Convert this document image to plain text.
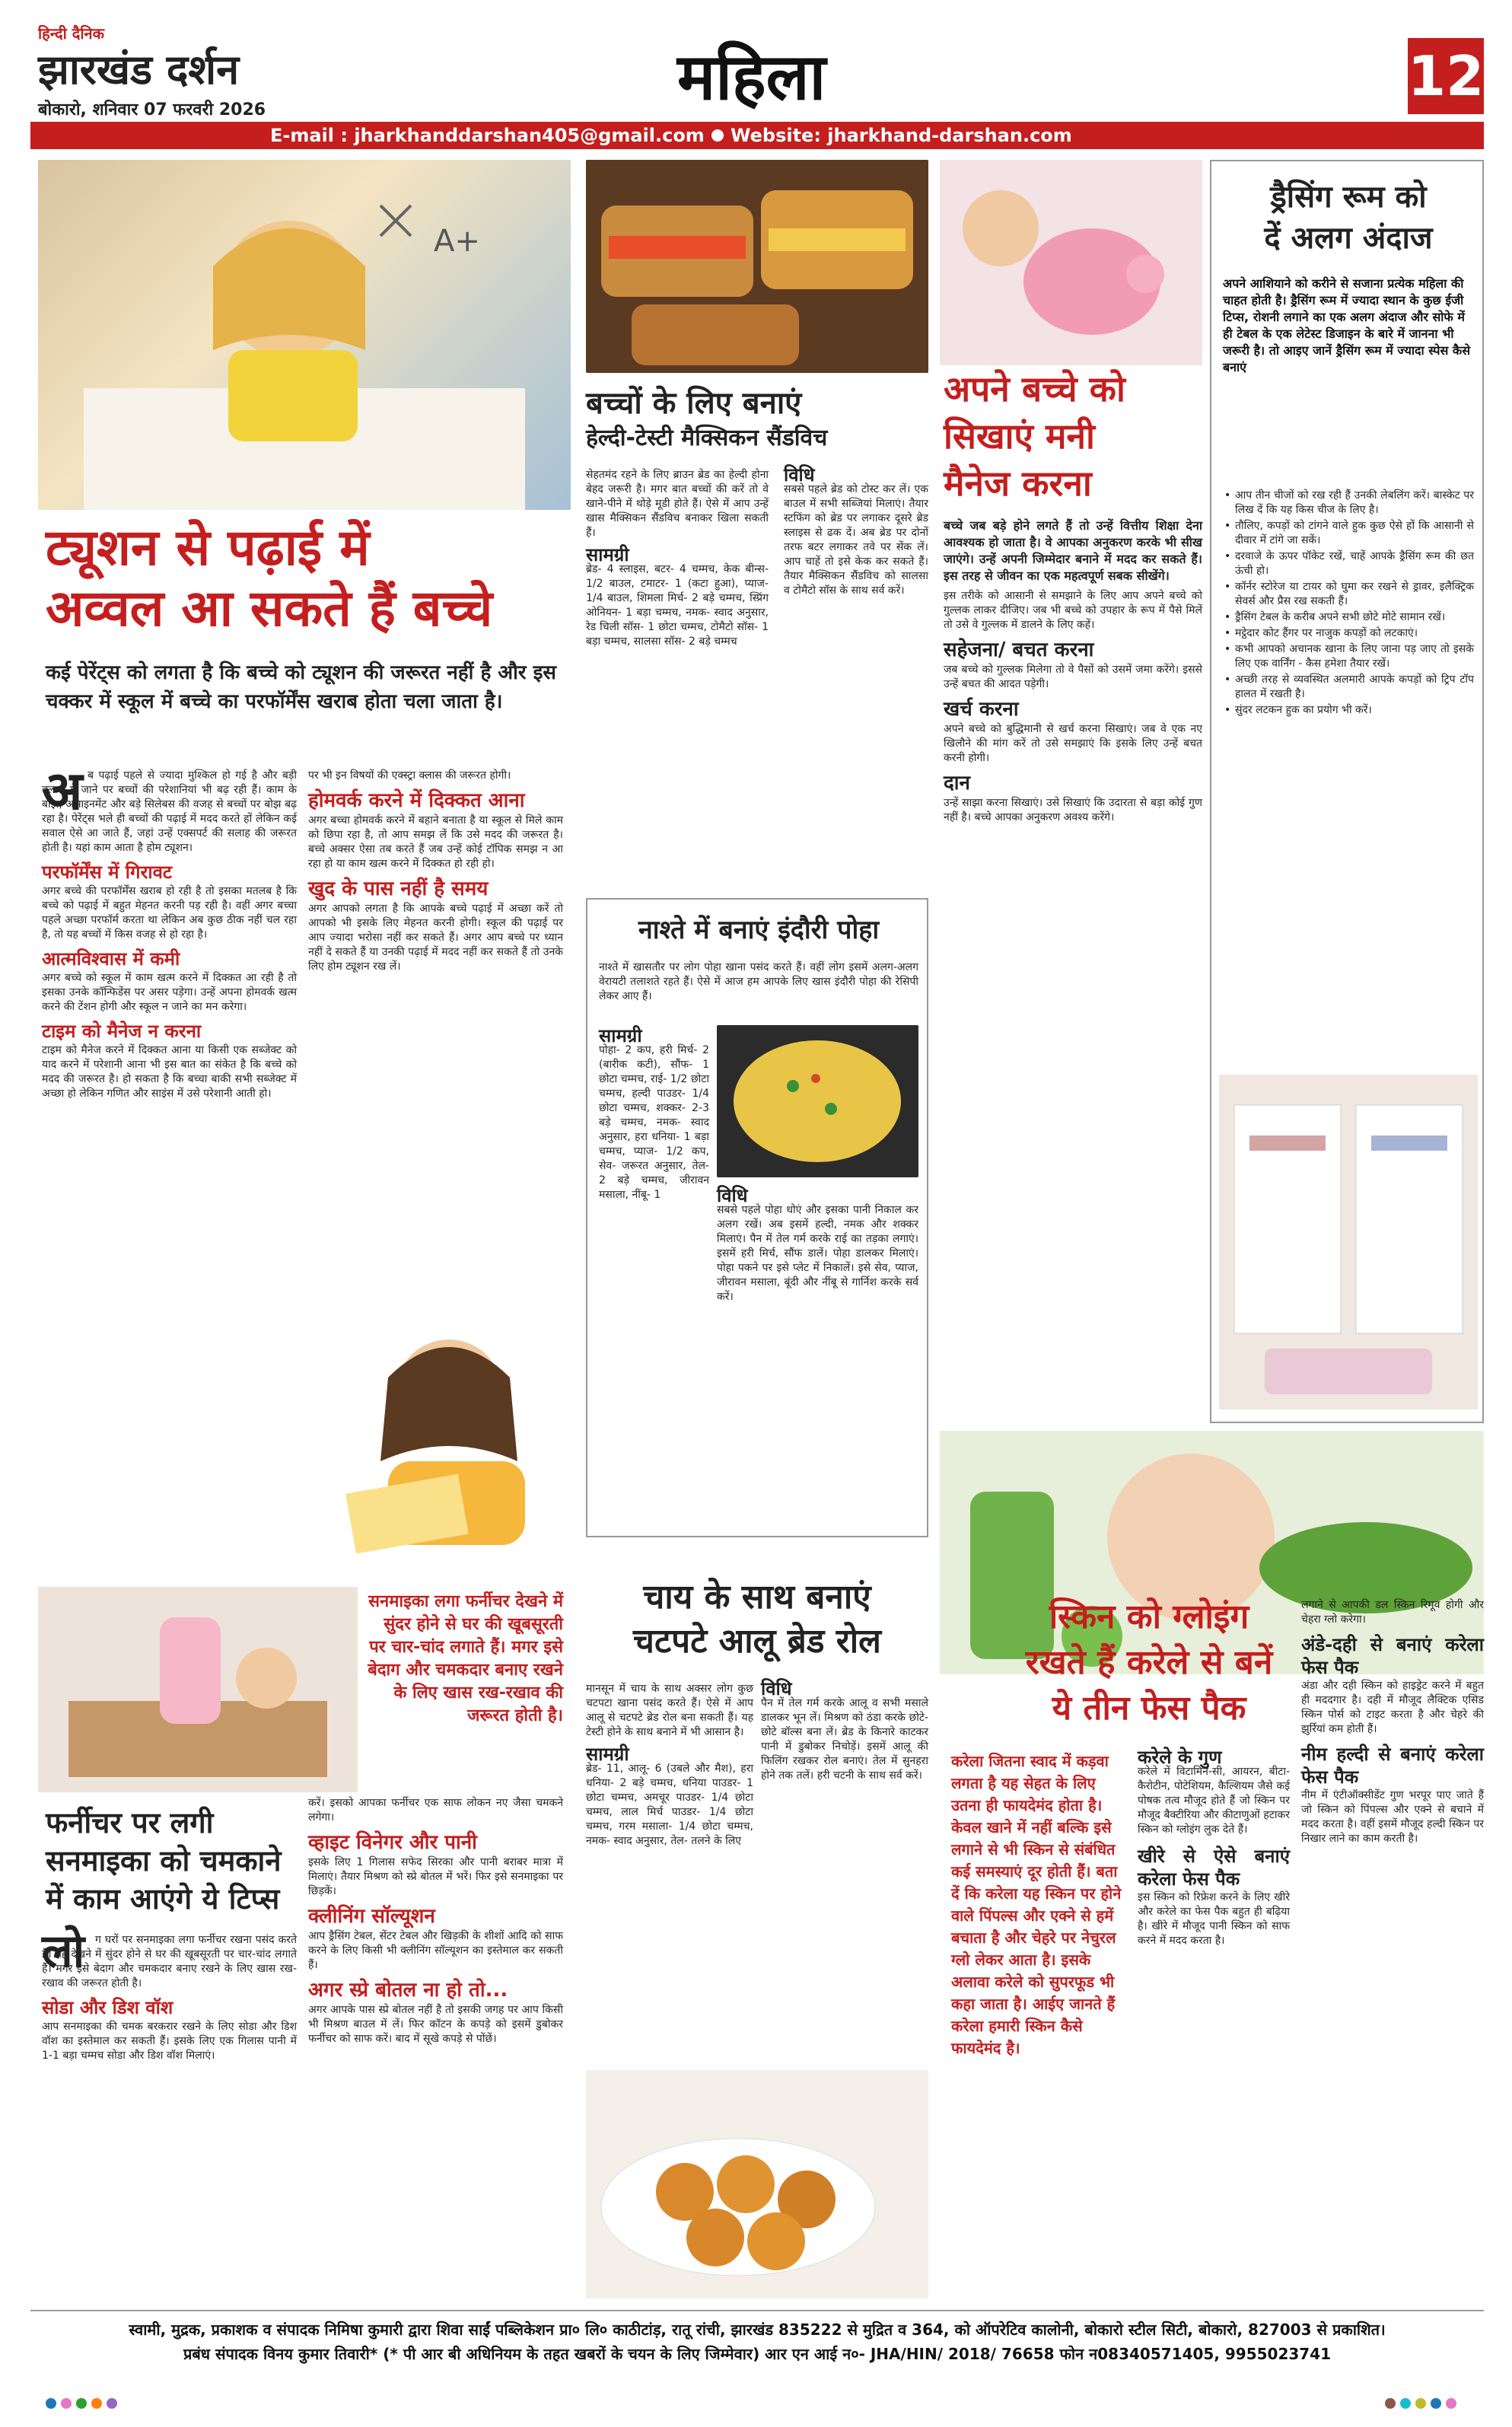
हिन्दी दैनिक
झारखंड दर्शन
बोकारो, शनिवार 07 फरवरी 2026	महिला	12
E-mail : jharkhanddarshan405@gmail.com Website: jharkhand-darshan.com
A+
ट्यूशन से पढ़ाई में
अव्वल आ सकते हैं बच्चे
कई पेरेंट्स को लगता है कि बच्चे को ट्यूशन की जरूरत नहीं है और इस चक्कर में स्कूल में बच्चे का परफॉर्मेंस खराब होता चला जाता है।
अ ब पढ़ाई पहले से ज्यादा मुश्किल हो गई है और बड़ी क्लास में जाने पर बच्चों की परेशानियां भी बढ़ रही हैं। काम के बोझ, असाइनमेंट और बड़े सिलेबस की वजह से बच्चों पर बोझ बढ़ रहा है। पेरेंट्स भले ही बच्चों की पढ़ाई में मदद करते हों लेकिन कई सवाल ऐसे आ जाते हैं, जहां उन्हें एक्सपर्ट की सलाह की जरूरत होती है। यहां काम आता है होम ट्यूशन।

परफॉर्मेंस में गिरावट

अगर बच्चे की परफॉर्मेंस खराब हो रही है तो इसका मतलब है कि बच्चे को पढ़ाई में बहुत मेहनत करनी पड़ रही है। वहीं अगर बच्चा पहले अच्छा परफॉर्म करता था लेकिन अब कुछ ठीक नहीं चल रहा है, तो यह बच्चों में किस वजह से हो रहा है।

आत्मविश्वास में कमी

अगर बच्चे को स्कूल में काम खत्म करने में दिक्कत आ रही है तो इसका उनके कॉन्फिडेंस पर असर पड़ेगा। उन्हें अपना होमवर्क खत्म करने की टेंशन होगी और स्कूल न जाने का मन करेगा।

टाइम को मैनेज न करना

टाइम को मैनेज करने में दिक्कत आना या किसी एक सब्जेक्ट को याद करने में परेशानी आना भी इस बात का संकेत है कि बच्चे को मदद की जरूरत है। हो सकता है कि बच्चा बाकी सभी सब्जेक्ट में अच्छा हो लेकिन गणित और साइंस में उसे परेशानी आती हो।

पर भी इन विषयों की एक्स्ट्रा क्लास की जरूरत होगी।

होमवर्क करने में दिक्कत आना

अगर बच्चा होमवर्क करने में बहाने बनाता है या स्कूल से मिले काम को छिपा रहा है, तो आप समझ लें कि उसे मदद की जरूरत है। बच्चे अक्सर ऐसा तब करते हैं जब उन्हें कोई टॉपिक समझ न आ रहा हो या काम खत्म करने में दिक्कत हो रही हो।

खुद के पास नहीं है समय

अगर आपको लगता है कि आपके बच्चे पढ़ाई में अच्छा करें तो आपको भी इसके लिए मेहनत करनी होगी। स्कूल की पढ़ाई पर आप ज्यादा भरोसा नहीं कर सकते हैं। अगर आप बच्चे पर ध्यान नहीं दे सकते हैं या उनकी पढ़ाई में मदद नहीं कर सकते हैं तो उनके लिए होम ट्यूशन रख लें।

बच्चों के लिए बनाएं
हेल्दी-टेस्टी मैक्सिकन सैंडविच

सेहतमंद रहने के लिए ब्राउन ब्रेड का हेल्दी होना बेहद जरूरी है। मगर बात बच्चों की करें तो वे खाने-पीने में थोड़े मूडी होते हैं। ऐसे में आप उन्हें खास मैक्सिकन सैंडविच बनाकर खिला सकती हैं।

सामग्री

ब्रेड- 4 स्लाइस, बटर- 4 चम्मच, केक बीन्स- 1/2 बाउल, टमाटर- 1 (कटा हुआ), प्याज- 1/4 बाउल, शिमला मिर्च- 2 बड़े चम्मच, स्प्रिंग ओनियन- 1 बड़ा चम्मच, नमक- स्वाद अनुसार, रेड चिली सॉस- 1 छोटा चम्मच, टोमैटो सॉस- 1 बड़ा चम्मच, सालसा सॉस- 2 बड़े चम्मच

विधि

सबसे पहले ब्रेड को टोस्ट कर लें। एक बाउल में सभी सब्जियां मिलाएं। तैयार स्टफिंग को ब्रेड पर लगाकर दूसरे ब्रेड स्लाइस से ढक दें। अब ब्रेड पर दोनों तरफ बटर लगाकर तवे पर सेंक लें। आप चाहें तो इसे केक कर सकते हैं। तैयार मैक्सिकन सैंडविच को सालसा व टोमैटो सॉस के साथ सर्व करें।

नाश्ते में बनाएं इंदौरी पोहा
नाश्ते में खासतौर पर लोग पोहा खाना पसंद करते हैं। वहीं लोग इसमें अलग-अलग वेरायटी तलाशते रहते हैं। ऐसे में आज हम आपके लिए खास इंदौरी पोहा की रेसिपी लेकर आए हैं।

सामग्री

पोहा- 2 कप, हरी मिर्च- 2 (बारीक कटी), सौंफ- 1 छोटा चम्मच, राई- 1/2 छोटा चम्मच, हल्दी पाउडर- 1/4 छोटा चम्मच, शक्कर- 2-3 बड़े चम्मच, नमक- स्वाद अनुसार, हरा धनिया- 1 बड़ा चम्मच, प्याज- 1/2 कप, सेव- जरूरत अनुसार, तेल- 2 बड़े चम्मच, जीरावन मसाला, नींबू- 1	विधि

सबसे पहले पोहा धोएं और इसका पानी निकाल कर अलग रखें। अब इसमें हल्दी, नमक और शक्कर मिलाएं। पैन में तेल गर्म करके राई का तड़का लगाएं। इसमें हरी मिर्च, सौंफ डालें। पोहा डालकर मिलाएं। पोहा पकने पर इसे प्लेट में निकालें। इसे सेव, प्याज, जीरावन मसाला, बूंदी और नींबू से गार्निश करके सर्व करें।

अपने बच्चे को
सिखाएं मनी
मैनेज करना

बच्चे जब बड़े होने लगते हैं तो उन्हें वित्तीय शिक्षा देना आवश्यक हो जाता है। वे आपका अनुकरण करके भी सीख जाएंगे। उन्हें अपनी जिम्मेदार बनाने में मदद कर सकते हैं। इस तरह से जीवन का एक महत्वपूर्ण सबक सीखेंगे।

इस तरीके को आसानी से समझाने के लिए आप अपने बच्चे को गुल्लक लाकर दीजिए। जब भी बच्चे को उपहार के रूप में पैसे मिलें तो उसे वे गुल्लक में डालने के लिए कहें।

सहेजना/ बचत करना

जब बच्चे को गुल्लक मिलेगा तो वे पैसों को उसमें जमा करेंगे। इससे उन्हें बचत की आदत पड़ेगी।

खर्च करना

अपने बच्चे को बुद्धिमानी से खर्च करना सिखाएं। जब वे एक नए खिलौने की मांग करें तो उसे समझाएं कि इसके लिए उन्हें बचत करनी होगी।

दान

उन्हें साझा करना सिखाएं। उसे सिखाएं कि उदारता से बड़ा कोई गुण नहीं है। बच्चे आपका अनुकरण अवश्य करेंगे।

ड्रैसिंग रूम को
दें अलग अंदाज
अपने आशियाने को करीने से सजाना प्रत्येक महिला की चाहत होती है। ड्रैसिंग रूम में ज्यादा स्थान के कुछ ईजी टिप्स, रोशनी लगाने का एक अलग अंदाज और सोफे में ही टेबल के एक लेटेस्ट डिजाइन के बारे में जानना भी जरूरी है। तो आइए जानें ड्रैसिंग रूम में ज्यादा स्पेस कैसे बनाएं
• आप तीन चीजों को रख रही हैं उनकी लेबलिंग करें। बास्केट पर लिख दें कि यह किस चीज के लिए है।
• तौलिए, कपड़ों को टांगने वाले हुक कुछ ऐसे हों कि आसानी से दीवार में टांगे जा सकें।
• दरवाजे के ऊपर पॉकेट रखें, चाहें आपके ड्रैसिंग रूम की छत ऊंची हो।
• कॉर्नर स्टोरेज या टायर को घुमा कर रखने से ड्रावर, इलैक्ट्रिक सेवर्स और प्रैस रख सकती हैं।
• ड्रैसिंग टेबल के करीब अपने सभी छोटे मोटे सामान रखें।
• मट्ठेदार कोट हैंगर पर नाजुक कपड़ों को लटकाएं।
• कभी आपको अचानक खाना के लिए जाना पड़ जाए तो इसके लिए एक वार्निंग - कैस हमेशा तैयार रखें।
• अच्छी तरह से व्यवस्थित अलमारी आपके कपड़ों को ट्रिप टॉप हालत में रखती है।
• सुंदर लटकन हुक का प्रयोग भी करें।
सनमाइका लगा फर्नीचर देखने में सुंदर होने से घर की खूबसूरती पर चार-चांद लगाते हैं। मगर इसे बेदाग और चमकदार बनाए रखने के लिए खास रख-रखाव की जरूरत होती है।
फर्नीचर पर लगी
सनमाइका को चमकाने
में काम आएंगे ये टिप्स
लो ग घरों पर सनमाइका लगा फर्नीचर रखना पसंद करते हैं। यह देखने में सुंदर होने से घर की खूबसूरती पर चार-चांद लगाते हैं। मगर इसे बेदाग और चमकदार बनाए रखने के लिए खास रख-रखाव की जरूरत होती है।

सोडा और डिश वॉश

आप सनमाइका की चमक बरकरार रखने के लिए सोडा और डिश वॉश का इस्तेमाल कर सकती हैं। इसके लिए एक गिलास पानी में 1-1 बड़ा चम्मच सोडा और डिश वॉश मिलाएं।

करें। इसको आपका फर्नीचर एक साफ लोकन नए जैसा चमकने लगेगा।

व्हाइट विनेगर और पानी

इसके लिए 1 गिलास सफेद सिरका और पानी बराबर मात्रा में मिलाएं। तैयार मिश्रण को स्प्रे बोतल में भरें। फिर इसे सनमाइका पर छिड़कें।

क्लीनिंग सॉल्यूशन

आप ड्रैसिंग टेबल, सेंटर टेबल और खिड़की के शीशों आदि को साफ करने के लिए किसी भी क्लीनिंग सॉल्यूशन का इस्तेमाल कर सकती हैं।

अगर स्प्रे बोतल ना हो तो...

अगर आपके पास स्प्रे बोतल नहीं है तो इसकी जगह पर आप किसी भी मिश्रण बाउल में लें। फिर कॉटन के कपड़े को इसमें डुबोकर फर्नीचर को साफ करें। बाद में सूखे कपड़े से पोंछें।

चाय के साथ बनाएं
चटपटे आलू ब्रेड रोल

मानसून में चाय के साथ अक्सर लोग कुछ चटपटा खाना पसंद करते हैं। ऐसे में आप आलू से चटपटे ब्रेड रोल बना सकती हैं। यह टेस्टी होने के साथ बनाने में भी आसान है।

सामग्री

ब्रेड- 11, आलू- 6 (उबले और मैश), हरा धनिया- 2 बड़े चम्मच, धनिया पाउडर- 1 छोटा चम्मच, अमचूर पाउडर- 1/4 छोटा चम्मच, लाल मिर्च पाउडर- 1/4 छोटा चम्मच, गरम मसाला- 1/4 छोटा चम्मच, नमक- स्वाद अनुसार, तेल- तलने के लिए

विधि

पैन में तेल गर्म करके आलू व सभी मसाले डालकर भून लें। मिश्रण को ठंडा करके छोटे-छोटे बॉल्स बना लें। ब्रेड के किनारे काटकर पानी में डुबोकर निचोड़ें। इसमें आलू की फिलिंग रखकर रोल बनाएं। तेल में सुनहरा होने तक तलें। हरी चटनी के साथ सर्व करें।

स्किन को ग्लोइंग
रखते हैं करेले से बनें
ये तीन फेस पैक
करेला जितना स्वाद में कड़वा लगता है यह सेहत के लिए उतना ही फायदेमंद होता है। केवल खाने में नहीं बल्कि इसे लगाने से भी स्किन से संबंधित कई समस्याएं दूर होती हैं। बता दें कि करेला यह स्किन पर होने वाले पिंपल्स और एक्ने से हमें बचाता है और चेहरे पर नेचुरल ग्लो लेकर आता है। इसके अलावा करेले को सुपरफूड भी कहा जाता है। आईए जानते हैं करेला हमारी स्किन कैसे फायदेमंद है।

करेले के गुण

करेले में विटामिन-सी, आयरन, बीटा-कैरोटीन, पोटेशियम, कैल्शियम जैसे कई पोषक तत्व मौजूद होते हैं जो स्किन पर मौजूद बैक्टीरिया और कीटाणुओं हटाकर स्किन को ग्लोइंग लुक देते हैं।

खीरे से ऐसे बनाएं करेला फेस पैक

इस स्किन को रिफ्रेश करने के लिए खीरे और करेले का फेस पैक बहुत ही बढ़िया है। खीरे में मौजूद पानी स्किन को साफ करने में मदद करता है।

लगाने से आपकी डल स्किन रिमूव होगी और चेहरा ग्लो करेगा।

अंडे-दही से बनाएं करेला फेस पैक

अंडा और दही स्किन को हाइड्रेट करने में बहुत ही मददगार है। दही में मौजूद लैक्टिक एसिड स्किन पोर्स को टाइट करता है और चेहरे की झुर्रियां कम होती हैं।

नीम हल्दी से बनाएं करेला फेस पैक

नीम में एंटीऑक्सीडेंट गुण भरपूर पाए जाते हैं जो स्किन को पिंपल्स और एक्ने से बचाने में मदद करता है। वहीं इसमें मौजूद हल्दी स्किन पर निखार लाने का काम करती है।

स्वामी, मुद्रक, प्रकाशक व संपादक निमिषा कुमारी द्वारा शिवा साईं पब्लिकेशन प्रा० लि० काठीटांड़, रातू रांची, झारखंड 835222 से मुद्रित व 364, को ऑपरेटिव कालोनी, बोकारो स्टील सिटी, बोकारो, 827003 से प्रकाशित।
प्रबंध संपादक विनय कुमार तिवारी* (* पी आर बी अधिनियम के तहत खबरों के चयन के लिए जिम्मेवार) आर एन आई न०- JHA/HIN/ 2018/ 76658 फोन न08340571405, 9955023741
